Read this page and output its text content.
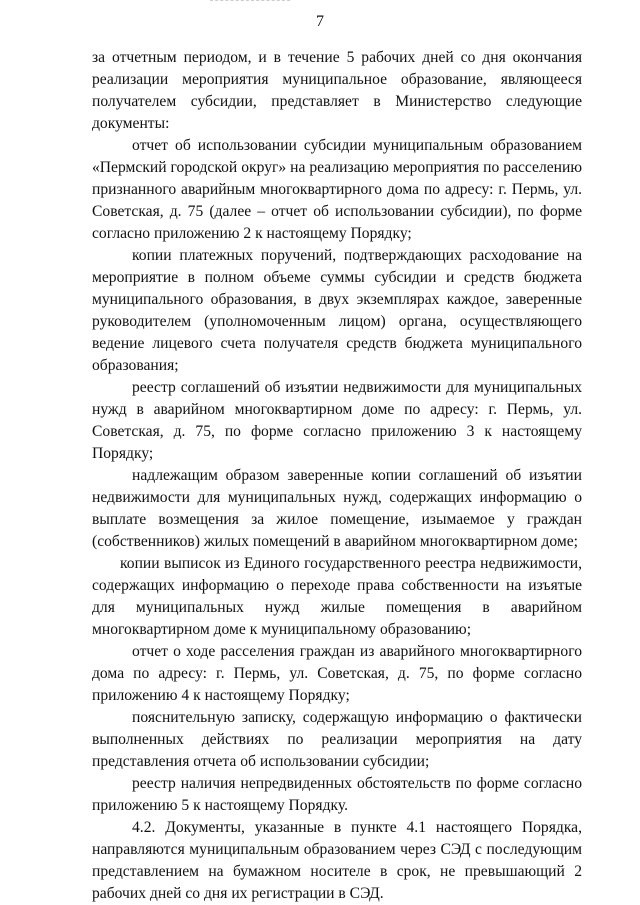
7

за отчетным периодом, и в течение 5 рабочих дней со дня окончания реализации мероприятия муниципальное образование, являющееся получателем субсидии, представляет в Министерство следующие документы:

отчет об использовании субсидии муниципальным образованием «Пермский городской округ» на реализацию мероприятия по расселению признанного аварийным многоквартирного дома по адресу: г. Пермь, ул. Советская, д. 75 (далее – отчет об использовании субсидии), по форме согласно приложению 2 к настоящему Порядку;

копии платежных поручений, подтверждающих расходование на мероприятие в полном объеме суммы субсидии и средств бюджета муниципального образования, в двух экземплярах каждое, заверенные руководителем (уполномоченным лицом) органа, осуществляющего ведение лицевого счета получателя средств бюджета муниципального образования;

реестр соглашений об изъятии недвижимости для муниципальных нужд в аварийном многоквартирном доме по адресу: г. Пермь, ул. Советская, д. 75, по форме согласно приложению 3 к настоящему Порядку;

надлежащим образом заверенные копии соглашений об изъятии недвижимости для муниципальных нужд, содержащих информацию о выплате возмещения за жилое помещение, изымаемое у граждан (собственников) жилых помещений в аварийном многоквартирном доме;

копии выписок из Единого государственного реестра недвижимости, содержащих информацию о переходе права собственности на изъятые для муниципальных нужд жилые помещения в аварийном многоквартирном доме к муниципальному образованию;

отчет о ходе расселения граждан из аварийного многоквартирного дома по адресу: г. Пермь, ул. Советская, д. 75, по форме согласно приложению 4 к настоящему Порядку;

пояснительную записку, содержащую информацию о фактически выполненных действиях по реализации мероприятия на дату представления отчета об использовании субсидии;

реестр наличия непредвиденных обстоятельств по форме согласно приложению 5 к настоящему Порядку.

4.2. Документы, указанные в пункте 4.1 настоящего Порядка, направляются муниципальным образованием через СЭД с последующим представлением на бумажном носителе в срок, не превышающий 2 рабочих дней со дня их регистрации в СЭД.
